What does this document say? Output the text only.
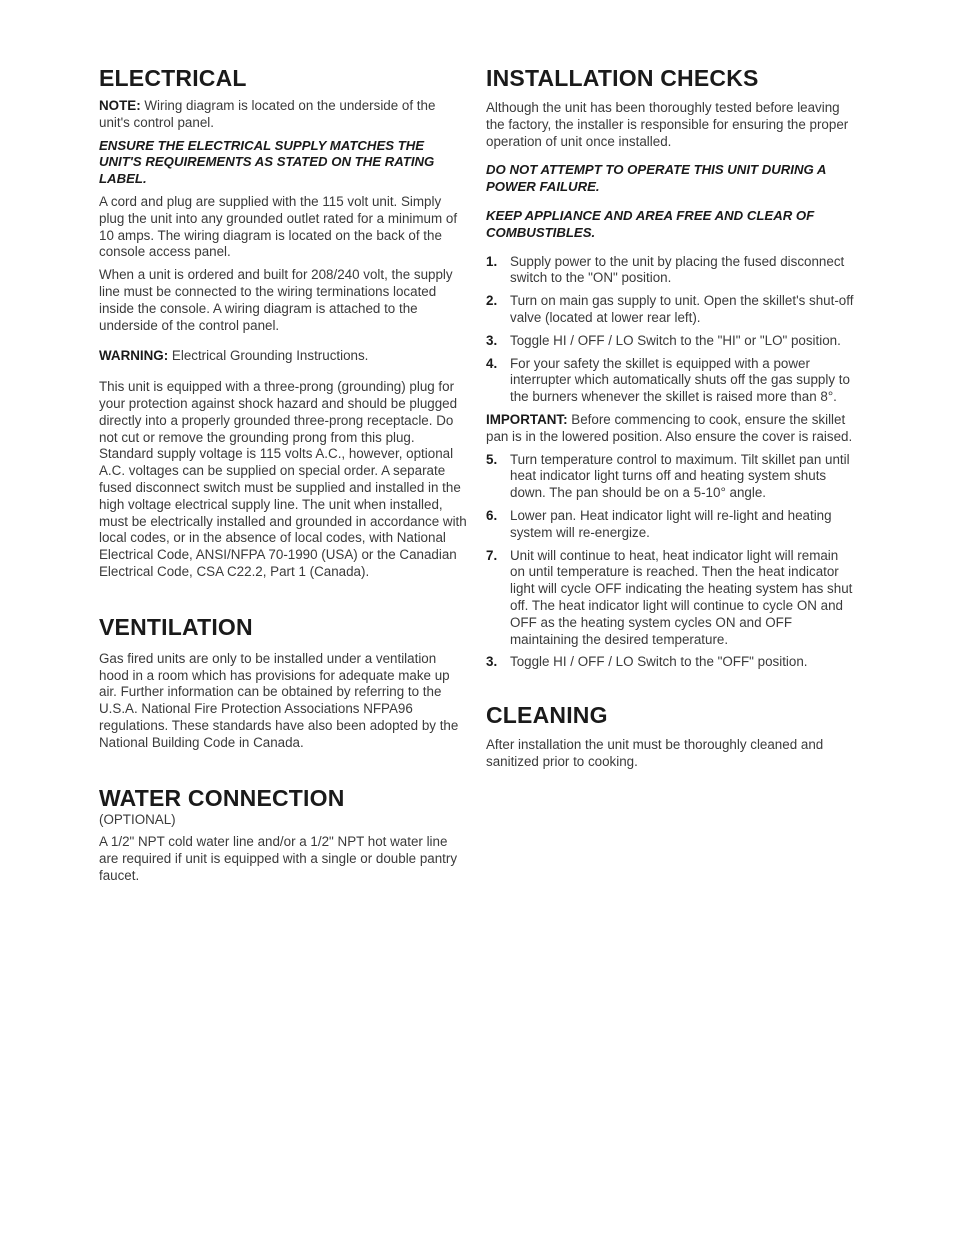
ELECTRICAL

NOTE: Wiring diagram is located on the underside of the unit's control panel.

ENSURE THE ELECTRICAL SUPPLY MATCHES THE UNIT'S REQUIREMENTS AS STATED ON THE RATING LABEL.

A cord and plug are supplied with the 115 volt unit. Simply plug the unit into any grounded outlet rated for a minimum of 10 amps. The wiring diagram is located on the back of the console access panel.

When a unit is ordered and built for 208/240 volt, the supply line must be connected to the wiring terminations located inside the console. A wiring diagram is attached to the underside of the control panel.

WARNING: Electrical Grounding Instructions.

This unit is equipped with a three-prong (grounding) plug for your protection against shock hazard and should be plugged directly into a properly grounded three-prong receptacle. Do not cut or remove the grounding prong from this plug. Standard supply voltage is 115 volts A.C., however, optional A.C. voltages can be supplied on special order. A separate fused disconnect switch must be supplied and installed in the high voltage electrical supply line. The unit when installed, must be electrically installed and grounded in accordance with local codes, or in the absence of local codes, with National Electrical Code, ANSI/NFPA 70-1990 (USA) or the Canadian Electrical Code, CSA C22.2, Part 1 (Canada).

VENTILATION

Gas fired units are only to be installed under a ventilation hood in a room which has provisions for adequate make up air. Further information can be obtained by referring to the U.S.A. National Fire Protection Associations NFPA96 regulations. These standards have also been adopted by the National Building Code in Canada.

WATER CONNECTION

(OPTIONAL)

A 1/2" NPT cold water line and/or a 1/2" NPT hot water line are required if unit is equipped with a single or double pantry faucet.

INSTALLATION CHECKS

Although the unit has been thoroughly tested before leaving the factory, the installer is responsible for ensuring the proper operation of unit once installed.

DO NOT ATTEMPT TO OPERATE THIS UNIT DURING A POWER FAILURE.

KEEP APPLIANCE AND AREA FREE AND CLEAR OF COMBUSTIBLES.

1. Supply power to the unit by placing the fused disconnect switch to the "ON" position.
2. Turn on main gas supply to unit. Open the skillet's shut-off valve (located at lower rear left).
3. Toggle HI / OFF / LO Switch to the "HI" or "LO" position.
4. For your safety the skillet is equipped with a power interrupter which automatically shuts off the gas supply to the burners whenever the skillet is raised more than 8°.

IMPORTANT: Before commencing to cook, ensure the skillet pan is in the lowered position. Also ensure the cover is raised.

5. Turn temperature control to maximum. Tilt skillet pan until heat indicator light turns off and heating system shuts down. The pan should be on a 5-10° angle.
6. Lower pan. Heat indicator light will re-light and heating system will re-energize.
7. Unit will continue to heat, heat indicator light will remain on until temperature is reached. Then the heat indicator light will cycle OFF indicating the heating system has shut off. The heat indicator light will continue to cycle ON and OFF as the heating system cycles ON and OFF maintaining the desired temperature.
3. Toggle HI / OFF / LO Switch to the "OFF" position.
CLEANING

After installation the unit must be thoroughly cleaned and sanitized prior to cooking.
